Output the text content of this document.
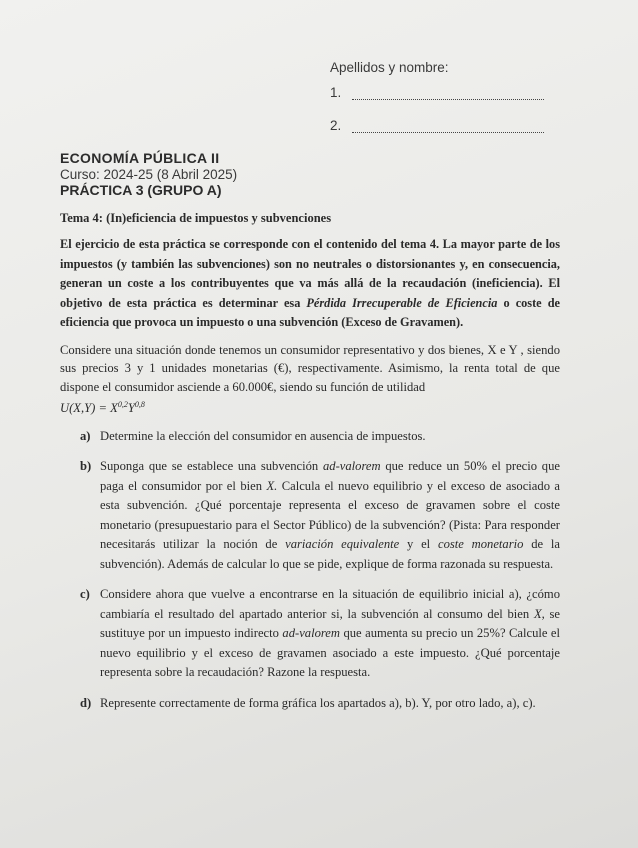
Apellidos y nombre:
1.
2.
ECONOMÍA PÚBLICA II
Curso: 2024-25 (8 Abril 2025)
PRÁCTICA 3 (GRUPO A)
Tema 4: (In)eficiencia de impuestos y subvenciones

El ejercicio de esta práctica se corresponde con el contenido del tema 4. La mayor parte de los impuestos (y también las subvenciones) son no neutrales o distorsionantes y, en consecuencia, generan un coste a los contribuyentes que va más allá de la recaudación (ineficiencia). El objetivo de esta práctica es determinar esa Pérdida Irrecuperable de Eficiencia o coste de eficiencia que provoca un impuesto o una subvención (Exceso de Gravamen).

Considere una situación donde tenemos un consumidor representativo y dos bienes, X e Y , siendo sus precios 3 y 1 unidades monetarias (€), respectivamente. Asimismo, la renta total de que dispone el consumidor asciende a 60.000€, siendo su función de utilidad
$U(X,Y) = X^{0,2}Y^{0,8}$

a) Determine la elección del consumidor en ausencia de impuestos.
b) Suponga que se establece una subvención ad-valorem que reduce un 50% el precio que paga el consumidor por el bien X. Calcula el nuevo equilibrio y el exceso de asociado a esta subvención. ¿Qué porcentaje representa el exceso de gravamen sobre el coste monetario (presupuestario para el Sector Público) de la subvención? (Pista: Para responder necesitarás utilizar la noción de variación equivalente y el coste monetario de la subvención). Además de calcular lo que se pide, explique de forma razonada su respuesta.
c) Considere ahora que vuelve a encontrarse en la situación de equilibrio inicial a), ¿cómo cambiaría el resultado del apartado anterior si, la subvención al consumo del bien X, se sustituye por un impuesto indirecto ad-valorem que aumenta su precio un 25%? Calcule el nuevo equilibrio y el exceso de gravamen asociado a este impuesto. ¿Qué porcentaje representa sobre la recaudación? Razone la respuesta.
d) Represente correctamente de forma gráfica los apartados a), b). Y, por otro lado, a), c).
